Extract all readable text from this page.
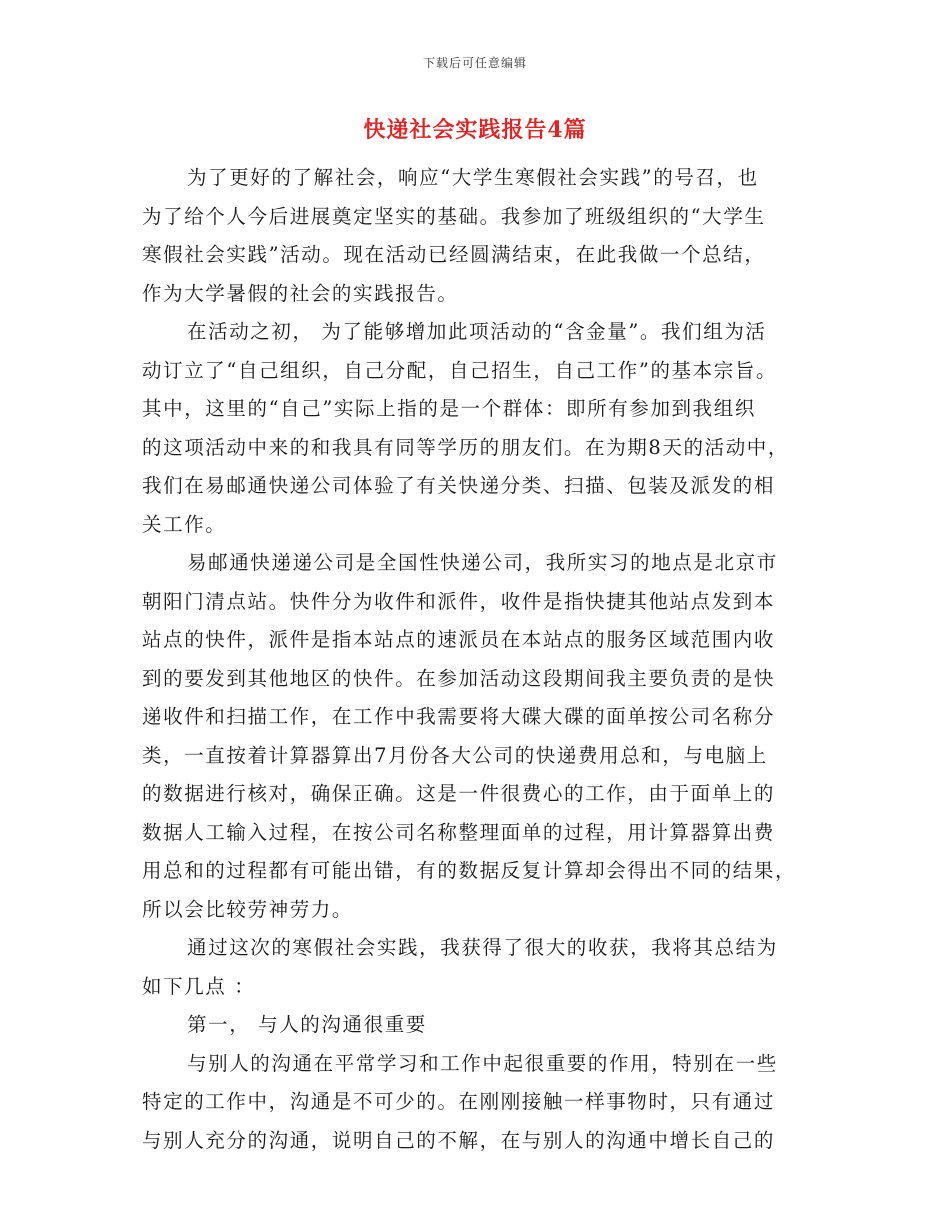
下载后可任意编辑
快递社会实践报告4篇
为了更好的了解社会，响应“大学生寒假社会实践”的号召，也
为了给个人今后进展奠定坚实的基础。我参加了班级组织的“大学生
寒假社会实践”活动。现在活动已经圆满结束，在此我做一个总结，
作为大学暑假的社会的实践报告。
在活动之初， 为了能够增加此项活动的“含金量”。我们组为活
动订立了“自己组织，自己分配，自己招生，自己工作”的基本宗旨。
其中，这里的“自己”实际上指的是一个群体：即所有参加到我组织
的这项活动中来的和我具有同等学历的朋友们。在为期8天的活动中，
我们在易邮通快递公司体验了有关快递分类、扫描、包装及派发的相
关工作。
易邮通快递递公司是全国性快递公司，我所实习的地点是北京市
朝阳门清点站。快件分为收件和派件，收件是指快捷其他站点发到本
站点的快件，派件是指本站点的速派员在本站点的服务区域范围内收
到的要发到其他地区的快件。在参加活动这段期间我主要负责的是快
递收件和扫描工作，在工作中我需要将大碟大碟的面单按公司名称分
类，一直按着计算器算出7月份各大公司的快递费用总和，与电脑上
的数据进行核对，确保正确。这是一件很费心的工作，由于面单上的
数据人工输入过程，在按公司名称整理面单的过程，用计算器算出费
用总和的过程都有可能出错，有的数据反复计算却会得出不同的结果，
所以会比较劳神劳力。
通过这次的寒假社会实践，我获得了很大的收获，我将其总结为
如下几点 ：
第一， 与人的沟通很重要
与别人的沟通在平常学习和工作中起很重要的作用，特别在一些
特定的工作中，沟通是不可少的。在刚刚接触一样事物时，只有通过
与别人充分的沟通，说明自己的不解，在与别人的沟通中增长自己的
